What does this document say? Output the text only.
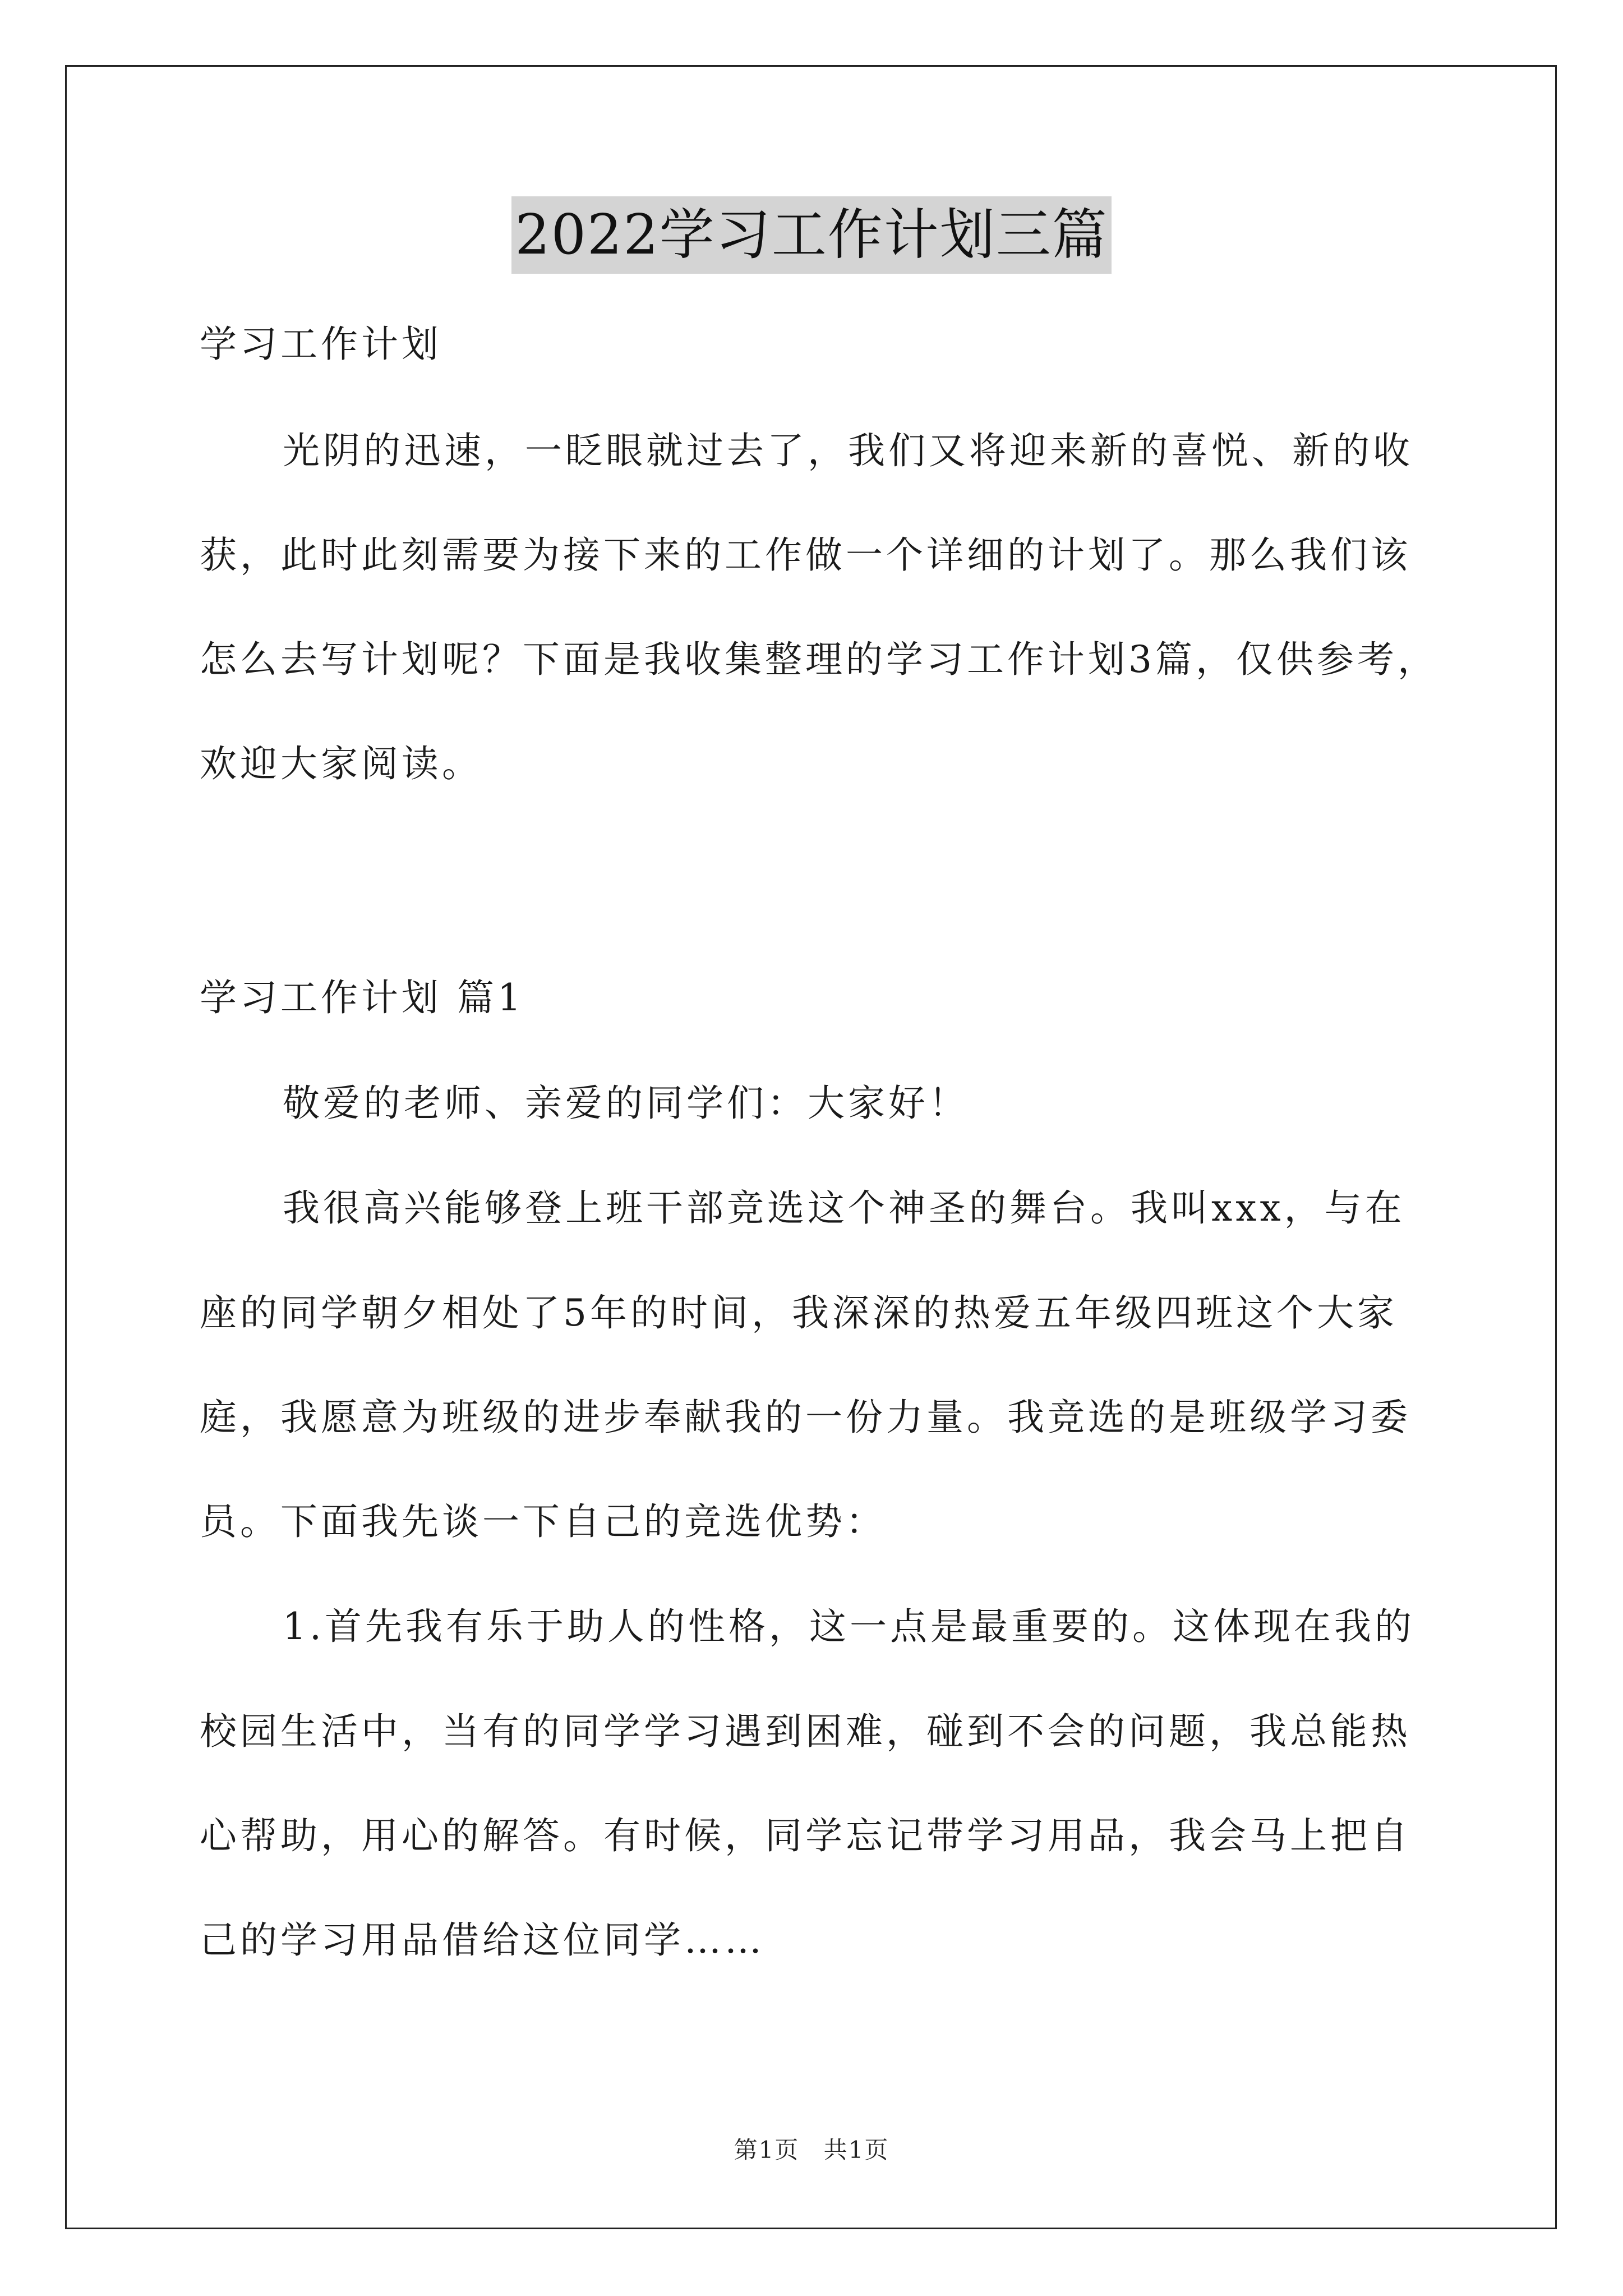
2022学习工作计划三篇
学习工作计划
光阴的迅速，一眨眼就过去了，我们又将迎来新的喜悦、新的收
获，此时此刻需要为接下来的工作做一个详细的计划了。那么我们该
怎么去写计划呢？下面是我收集整理的学习工作计划3篇，仅供参考，
欢迎大家阅读。
学习工作计划 篇1
敬爱的老师、亲爱的同学们：大家好！
我很高兴能够登上班干部竞选这个神圣的舞台。我叫xxx，与在
座的同学朝夕相处了5年的时间，我深深的热爱五年级四班这个大家
庭，我愿意为班级的进步奉献我的一份力量。我竞选的是班级学习委
员。下面我先谈一下自己的竞选优势：
1.首先我有乐于助人的性格，这一点是最重要的。这体现在我的
校园生活中，当有的同学学习遇到困难，碰到不会的问题，我总能热
心帮助，用心的解答。有时候，同学忘记带学习用品，我会马上把自
己的学习用品借给这位同学……
第1页 共1页
